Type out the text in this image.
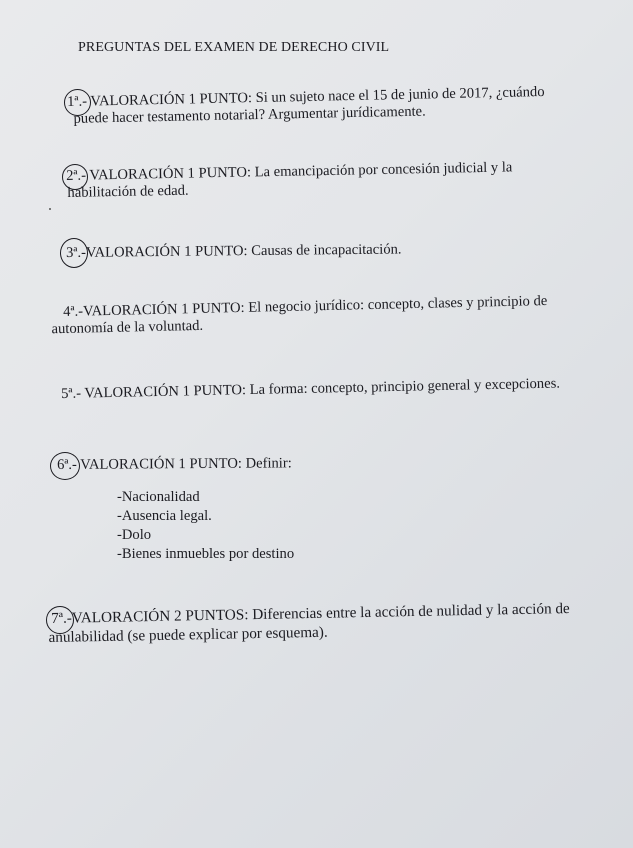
PREGUNTAS DEL EXAMEN DE DERECHO CIVIL
1ª.- VALORACIÓN 1 PUNTO: Si un sujeto nace el 15 de junio de 2017, ¿cuándo
puede hacer testamento notarial? Argumentar jurídicamente.
2ª.- VALORACIÓN 1 PUNTO: La emancipación por concesión judicial y la
habilitación de edad.
3ª.-VALORACIÓN 1 PUNTO: Causas de incapacitación.
4ª.-VALORACIÓN 1 PUNTO: El negocio jurídico: concepto, clases y principio de
autonomía de la voluntad.
5ª.- VALORACIÓN 1 PUNTO: La forma: concepto, principio general y excepciones.
6ª.- VALORACIÓN 1 PUNTO: Definir:
-Nacionalidad
-Ausencia legal.
-Dolo
-Bienes inmuebles por destino
7ª.-VALORACIÓN 2 PUNTOS: Diferencias entre la acción de nulidad y la acción de
anulabilidad (se puede explicar por esquema).
